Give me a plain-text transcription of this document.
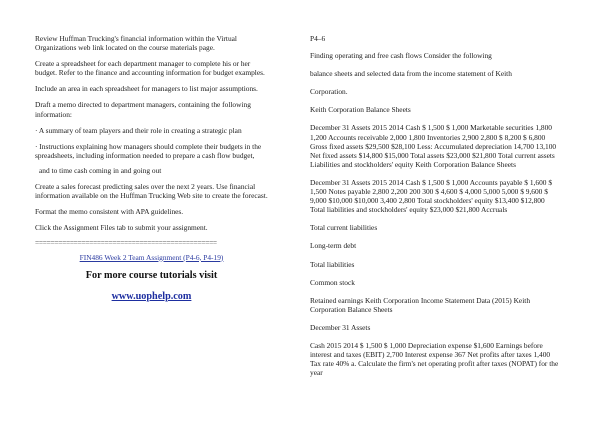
Review Huffman Trucking's financial information within the Virtual Organizations web link located on the course materials page.

Create a spreadsheet for each department manager to complete his or her budget. Refer to the finance and accounting information for budget examples.

Include an area in each spreadsheet for managers to list major assumptions.

Draft a memo directed to department managers, containing the following information:

· A summary of team players and their role in creating a strategic plan

· Instructions explaining how managers should complete their budgets in the spreadsheets, including information needed to prepare a cash flow budget,

and to time cash coming in and going out

Create a sales forecast predicting sales over the next 2 years. Use financial information available on the Huffman Trucking Web site to create the forecast.

Format the memo consistent with APA guidelines.

Click the Assignment Files tab to submit your assignment.

===============================================

FIN486 Week 2 Team Assignment (P4-6, P4-19)

For more course tutorials visit

www.uophelp.com

P4–6

Finding operating and free cash flows Consider the following

balance sheets and selected data from the income statement of Keith

Corporation.

Keith Corporation Balance Sheets

December 31 Assets 2015 2014 Cash $ 1,500 $ 1,000 Marketable securities 1,800 1,200 Accounts receivable 2,000 1,800 Inventories 2,900 2,800 $ 8,200 $ 6,800 Gross fixed assets $29,500 $28,100 Less: Accumulated depreciation 14,700 13,100 Net fixed assets $14,800 $15,000 Total assets $23,000 $21,800 Total current assets Liabilities and stockholders' equity Keith Corporation Balance Sheets

December 31 Assets 2015 2014 Cash $ 1,500 $ 1,000 Accounts payable $ 1,600 $ 1,500 Notes payable 2,800 2,200 200 300 $ 4,600 $ 4,000 5,000 5,000 $ 9,600 $ 9,000 $10,000 $10,000 3,400 2,800 Total stockholders' equity $13,400 $12,800 Total liabilities and stockholders' equity $23,000 $21,800 Accruals

Total current liabilities

Long-term debt

Total liabilities

Common stock

Retained earnings Keith Corporation Income Statement Data (2015) Keith Corporation Balance Sheets

December 31 Assets

Cash 2015 2014 $ 1,500 $ 1,000 Depreciation expense $1,600 Earnings before interest and taxes (EBIT) 2,700 Interest expense 367 Net profits after taxes 1,400 Tax rate 40% a. Calculate the firm's net operating profit after taxes (NOPAT) for the year
